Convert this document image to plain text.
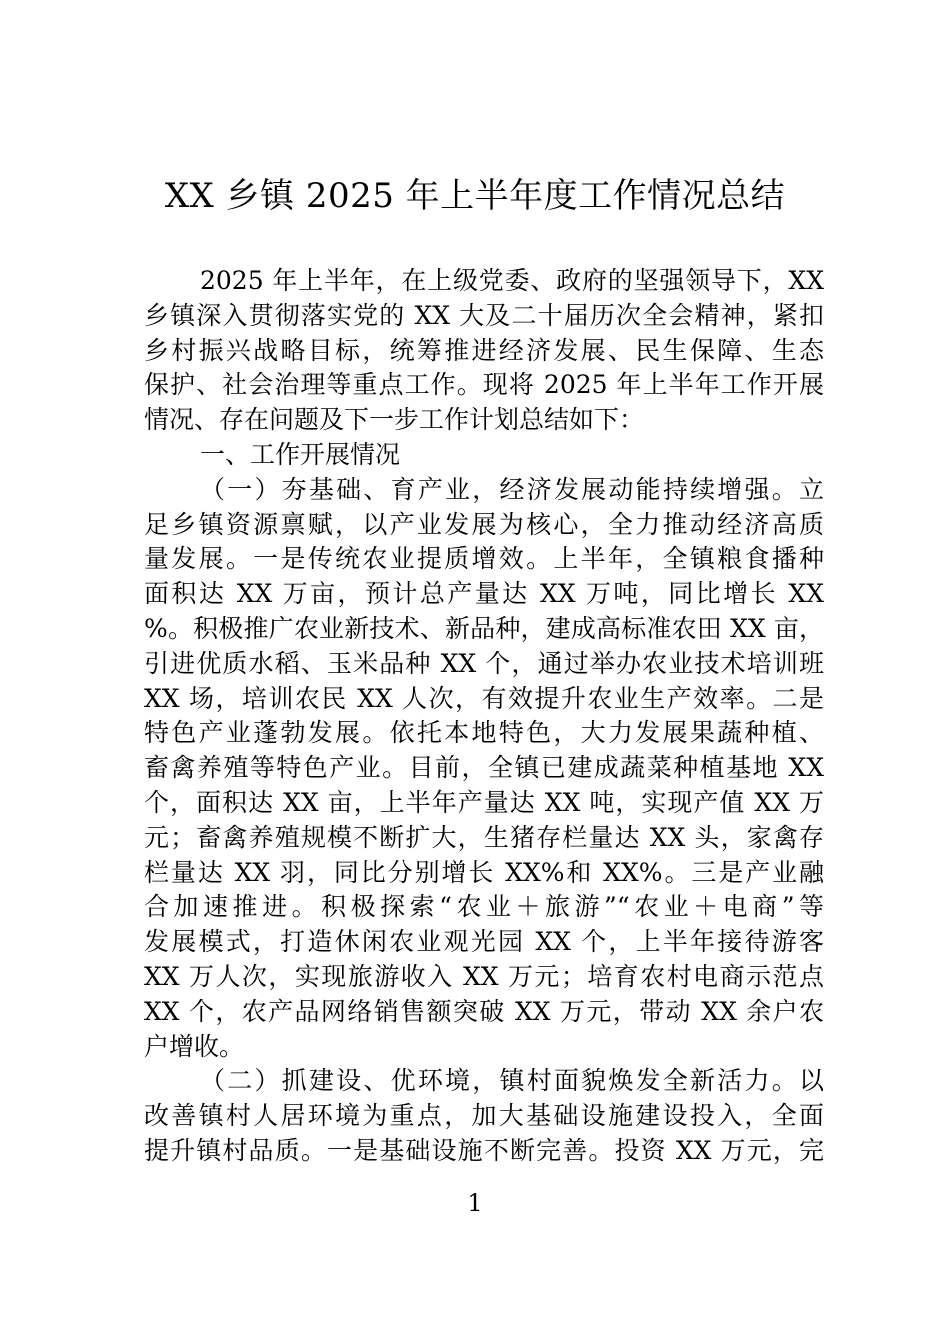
XX 乡镇 2025 年上半年度工作情况总结
2025 年上半年，在上级党委、政府的坚强领导下，XX
乡镇深入贯彻落实党的 XX 大及二十届历次全会精神，紧扣
乡村振兴战略目标，统筹推进经济发展、民生保障、生态
保护、社会治理等重点工作。现将 2025 年上半年工作开展
情况、存在问题及下一步工作计划总结如下：
一、工作开展情况
（一）夯基础、育产业，经济发展动能持续增强。立
足乡镇资源禀赋，以产业发展为核心，全力推动经济高质
量发展。一是传统农业提质增效。上半年，全镇粮食播种
面积达 XX 万亩，预计总产量达 XX 万吨，同比增长 XX
%。积极推广农业新技术、新品种，建成高标准农田 XX 亩，
引进优质水稻、玉米品种 XX 个，通过举办农业技术培训班
XX 场，培训农民 XX 人次，有效提升农业生产效率。二是
特色产业蓬勃发展。依托本地特色，大力发展果蔬种植、
畜禽养殖等特色产业。目前，全镇已建成蔬菜种植基地 XX
个，面积达 XX 亩，上半年产量达 XX 吨，实现产值 XX 万
元；畜禽养殖规模不断扩大，生猪存栏量达 XX 头，家禽存
栏量达 XX 羽，同比分别增长 XX%和 XX%。三是产业融
合加速推进。积极探索“农业＋旅游”“农业＋电商”等
发展模式，打造休闲农业观光园 XX 个，上半年接待游客
XX 万人次，实现旅游收入 XX 万元；培育农村电商示范点
XX 个，农产品网络销售额突破 XX 万元，带动 XX 余户农
户增收。
（二）抓建设、优环境，镇村面貌焕发全新活力。以
改善镇村人居环境为重点，加大基础设施建设投入，全面
提升镇村品质。一是基础设施不断完善。投资 XX 万元，完
1
